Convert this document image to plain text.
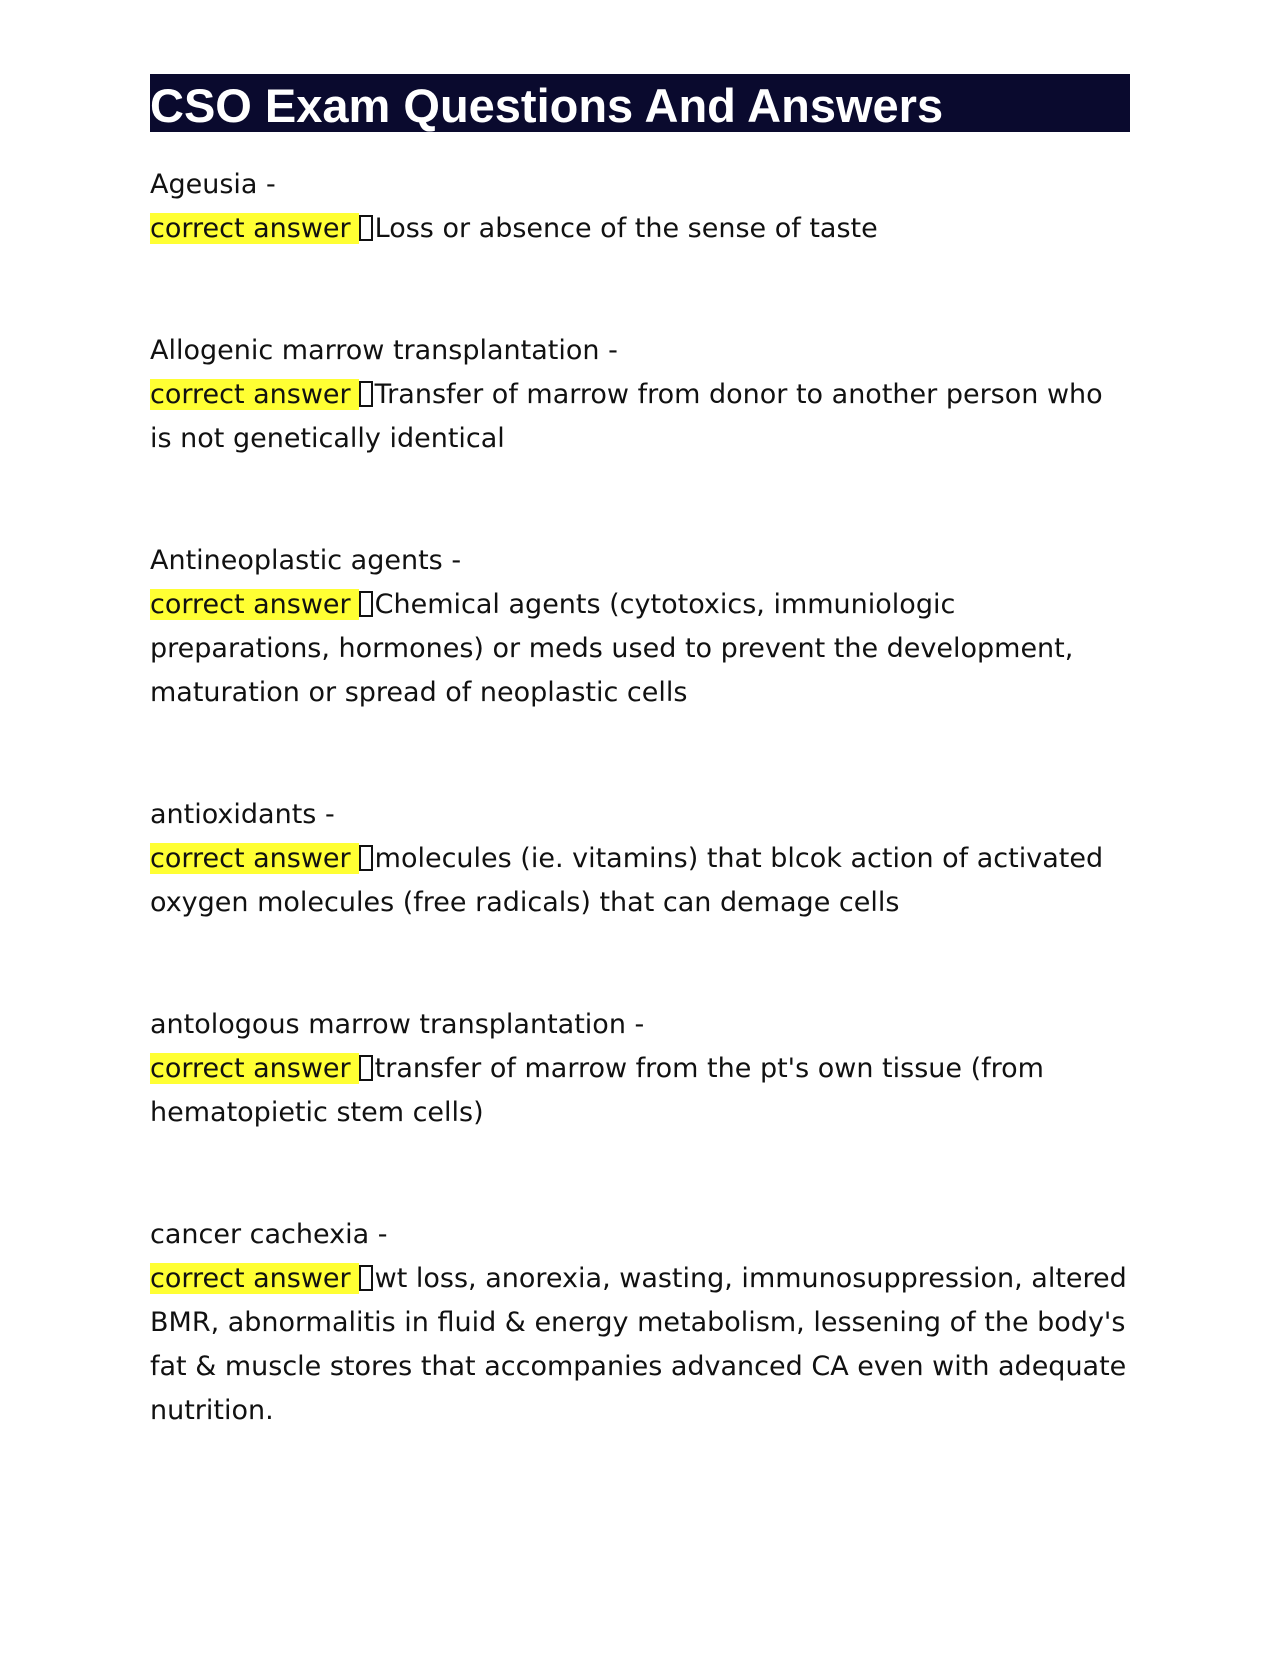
CSO Exam Questions And Answers
Ageusia -
correct answer Loss or absence of the sense of taste
Allogenic marrow transplantation -
correct answer Transfer of marrow from donor to another person who is not genetically identical
Antineoplastic agents -
correct answer Chemical agents (cytotoxics, immuniologic preparations, hormones) or meds used to prevent the development, maturation or spread of neoplastic cells
antioxidants -
correct answer molecules (ie. vitamins) that blcok action of activated oxygen molecules (free radicals) that can demage cells
antologous marrow transplantation -
correct answer transfer of marrow from the pt's own tissue (from hematopietic stem cells)
cancer cachexia -
correct answer wt loss, anorexia, wasting, immunosuppression, altered BMR, abnormalitis in fluid & energy metabolism, lessening of the body's fat & muscle stores that accompanies advanced CA even with adequate nutrition.
